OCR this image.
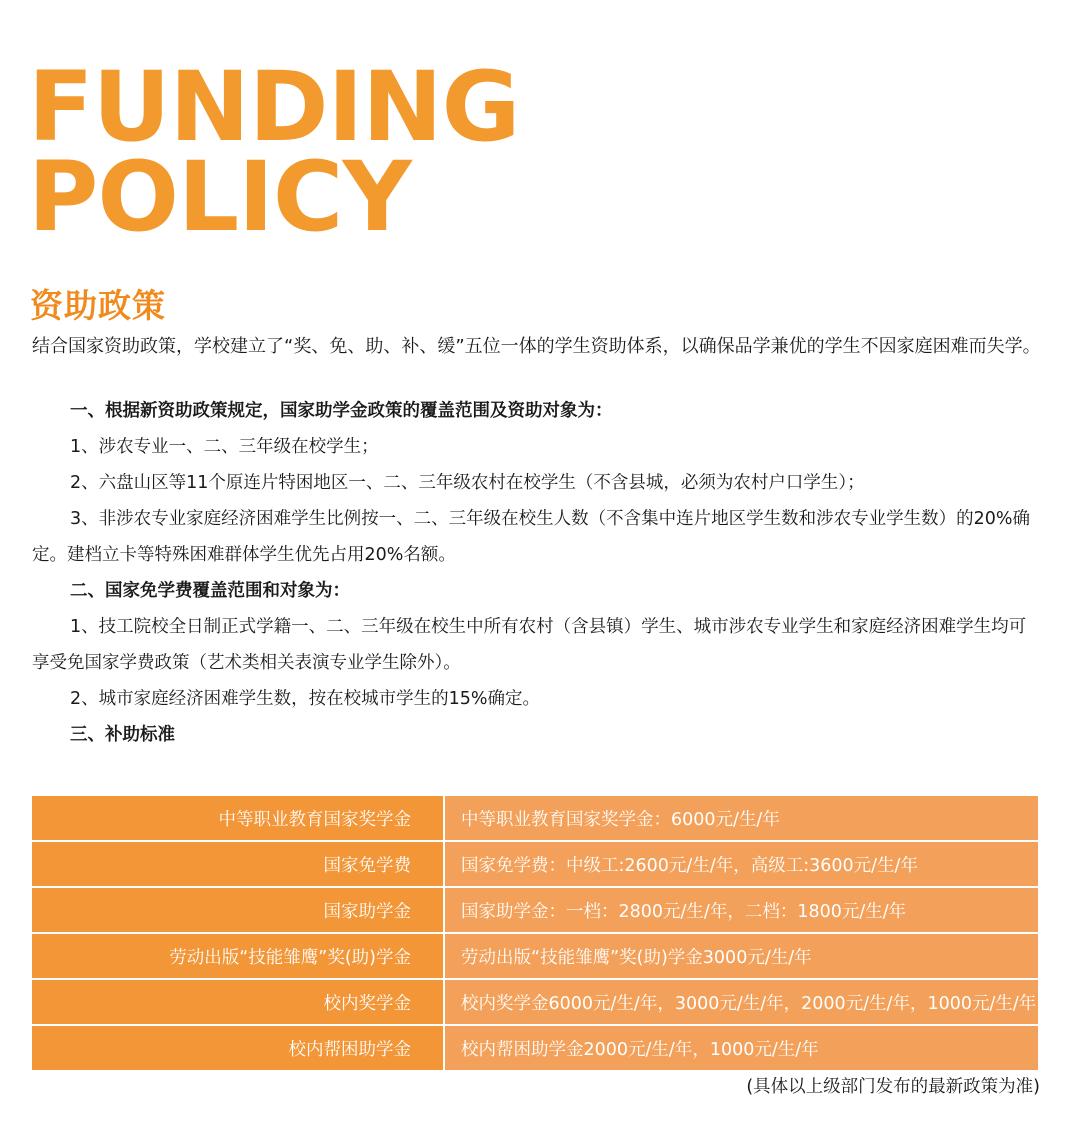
FUNDING
POLICY
资助政策
结合国家资助政策，学校建立了“奖、免、助、补、缓”五位一体的学生资助体系，以确保品学兼优的学生不因家庭困难而失学。

一、根据新资助政策规定，国家助学金政策的覆盖范围及资助对象为：

1、涉农专业一、二、三年级在校学生；

2、六盘山区等11个原连片特困地区一、二、三年级农村在校学生（不含县城，必须为农村户口学生）；

3、非涉农专业家庭经济困难学生比例按一、二、三年级在校生人数（不含集中连片地区学生数和涉农专业学生数）的20%确定。建档立卡等特殊困难群体学生优先占用20%名额。

二、国家免学费覆盖范围和对象为：

1、技工院校全日制正式学籍一、二、三年级在校生中所有农村（含县镇）学生、城市涉农专业学生和家庭经济困难学生均可享受免国家学费政策（艺术类相关表演专业学生除外）。

2、城市家庭经济困难学生数，按在校城市学生的15%确定。

三、补助标准

中等职业教育国家奖学金	中等职业教育国家奖学金：6000元/生/年
国家免学费	国家免学费：中级工:2600元/生/年，高级工:3600元/生/年
国家助学金	国家助学金：一档：2800元/生/年，二档：1800元/生/年
劳动出版“技能雏鹰”奖(助)学金	劳动出版“技能雏鹰”奖(助)学金3000元/生/年
校内奖学金	校内奖学金6000元/生/年，3000元/生/年，2000元/生/年，1000元/生/年
校内帮困助学金	校内帮困助学金2000元/生/年，1000元/生/年
(具体以上级部门发布的最新政策为准)
